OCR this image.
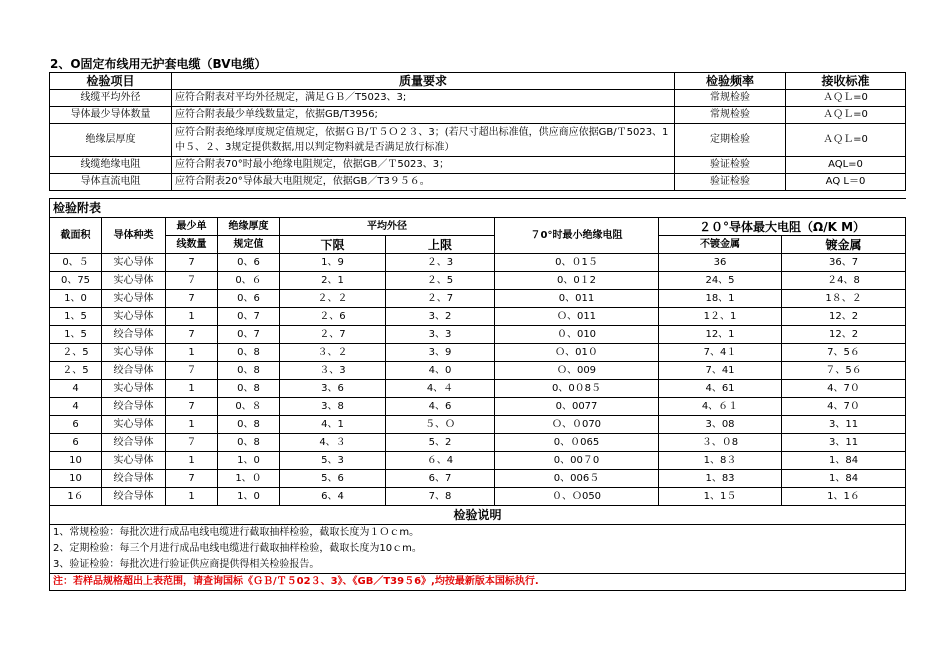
2、O固定布线用无护套电缆（BV电缆）
检验项目	质量要求	检验频率	接收标准
线缆平均外径	应符合附表对平均外径规定，满足ＧＢ／T5023、3;	常规检验	ＡＱＬ=0
导体最少导体数量	应符合附表最少单线数量定，依据GB/T3956;	常规检验	ＡＱＬ=0
绝缘层厚度	应符合附表绝缘厚度规定值规定，依据ＧＢ/Ｔ５Ｏ２３、3；(若尺寸超出标准值，供应商应依据GB/Ｔ5023、1中５、２、3规定提供数据,用以判定物料就是否满足放行标准）	定期检验	ＡＱＬ=0
线缆绝缘电阻	应符合附表70°时最小绝缘电阻规定，依据GB／Ｔ5023、3；	验证检验	AQL=0
导体直流电阻	应符合附表20°导体最大电阻规定，依据GB／T3９５６。	验证检验	AQ L＝0
检验附表								
截面积	导体种类	最少单	绝缘厚度	平均外径		７0°时最小绝缘电阻	２０°导体最大电阻（Ω/K M）	
		线数量	规定值	下限	上限		不镀金属	镀金属
0、５	实心导体	7	0、6	1、9	２、3	0、０1５	36	36、7
0、75	实心导体	７	0、６	2、1	２、5	0、0１2	24、5	２4、8
1、0	实心导体	7	0、6	２、２	２、7	0、011	18、1	1８、２
1、5	实心导体	1	0、7	２、6	3、2	Ｏ、011	1２、1	12、2
1、5	绞合导体	7	0、7	２、7	3、3	０、010	12、1	12、2
２、5	实心导体	1	0、8	３、２	3、9	Ｏ、01０	7、4１	7、5６
２、5	绞合导体	７	0、8	３、3	4、0	Ｏ、009	7、41	７、5６
4	实心导体	1	0、8	3、6	4、４	0、0０8５	4、61	4、7０
4	绞合导体	7	0、８	3、8	4、6	0、0077	4、６１	4、7０
6	实心导体	1	0、8	4、1	５、Ｏ	Ｏ、０070	3、08	3、11
6	绞合导体	７	0、8	4、３	5、2	0、０065	３、０8	3、11
10	实心导体	1	1、0	5、3	６、4	0、00７0	1、8３	1、84
10	绞合导体	7	1、０	5、6	6、7	0、006５	1、83	1、84
1６	绞合导体	1	1、0	6、4	7、8	０、Ｏ050	1、1５	1、1６
检验说明								
1、常规检验：每批次进行成品电线电缆进行截取抽样检验，截取长度为１Ｏｃm。								
2、定期检验：每三个月进行成品电线电缆进行截取抽样检验，截取长度为10ｃm。								
3、验证检验：每批次进行验证供应商提供得相关检验报告。								
注：若样品规格超出上表范围，请查询国标《ＧＢ/Ｔ５02３、3》、《GB／T39５6》,均按最新版本国标执行.								
